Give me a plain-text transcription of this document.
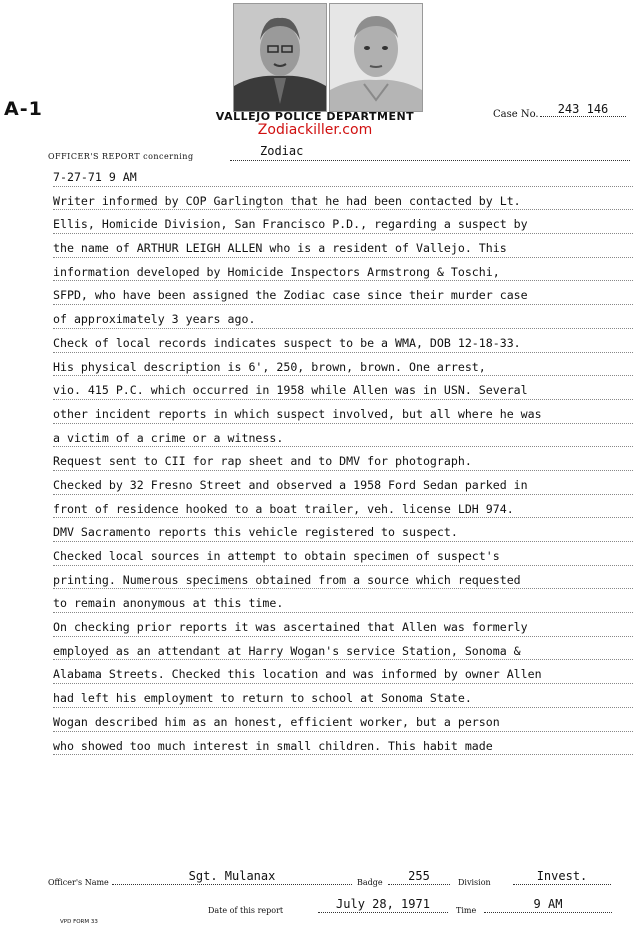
A-1	VALLEJO POLICE DEPARTMENT
Zodiackiller.com
Case No.	243 146
OFFICER'S REPORT concerning	Zodiac
7-27-71 9 AM
Writer informed by COP Garlington that he had been contacted by Lt.
Ellis, Homicide Division, San Francisco P.D., regarding a suspect by
the name of ARTHUR LEIGH ALLEN who is a resident of Vallejo. This
information developed by Homicide Inspectors Armstrong & Toschi,
SFPD, who have been assigned the Zodiac case since their murder case
of approximately 3 years ago.
Check of local records indicates suspect to be a WMA, DOB 12-18-33.
His physical description is 6', 250, brown, brown. One arrest,
vio. 415 P.C. which occurred in 1958 while Allen was in USN. Several
other incident reports in which suspect involved, but all where he was
a victim of a crime or a witness.
Request sent to CII for rap sheet and to DMV for photograph.
Checked by 32 Fresno Street and observed a 1958 Ford Sedan parked in
front of residence hooked to a boat trailer, veh. license LDH 974.
DMV Sacramento reports this vehicle registered to suspect.
Checked local sources in attempt to obtain specimen of suspect's
printing. Numerous specimens obtained from a source which requested
to remain anonymous at this time.
On checking prior reports it was ascertained that Allen was formerly
employed as an attendant at Harry Wogan's service Station, Sonoma &
Alabama Streets. Checked this location and was informed by owner Allen
had left his employment to return to school at Sonoma State.
Wogan described him as an honest, efficient worker, but a person
who showed too much interest in small children. This habit made
Officer's Name	Sgt. Mulanax	Badge	255	Division	Invest.
Date of this report	July 28, 1971	Time	9 AM
VPD FORM 33
